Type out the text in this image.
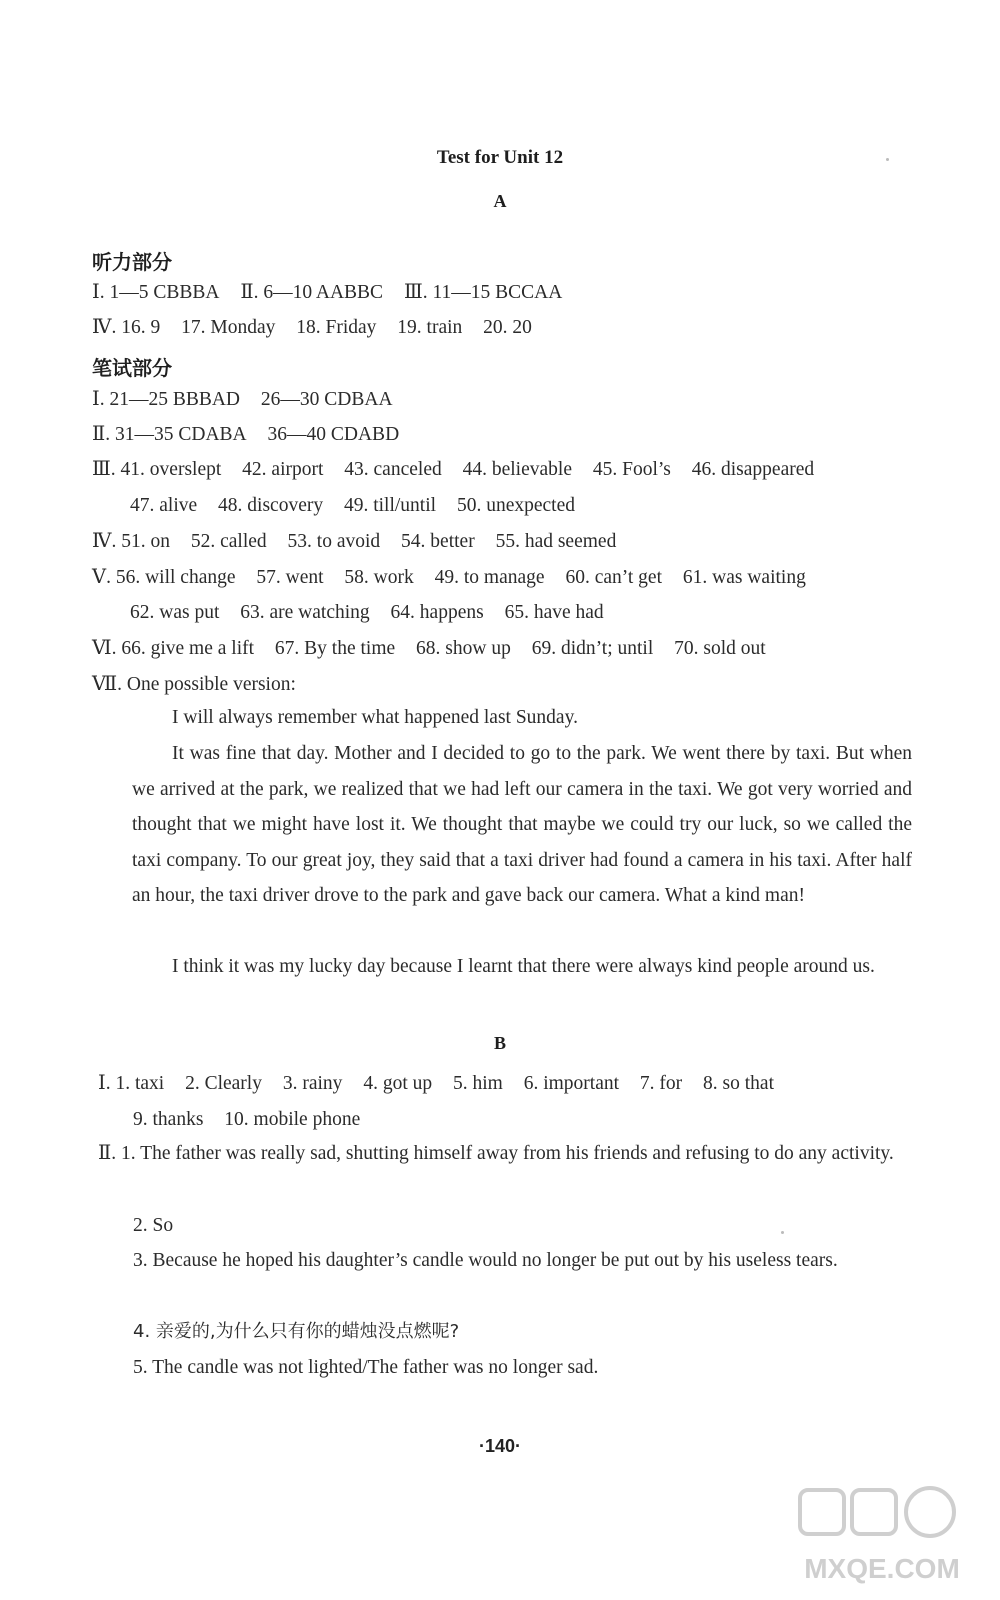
Test for Unit 12
A
听力部分
Ⅰ. 1—5 CBBBA Ⅱ. 6—10 AABBC Ⅲ. 11—15 BCCAA
Ⅳ. 16. 9 17. Monday 18. Friday 19. train 20. 20
笔试部分
Ⅰ. 21—25 BBBAD 26—30 CDBAA
Ⅱ. 31—35 CDABA 36—40 CDABD
Ⅲ. 41. overslept 42. airport 43. canceled 44. believable 45. Fool’s 46. disappeared
47. alive 48. discovery 49. till/until 50. unexpected
Ⅳ. 51. on 52. called 53. to avoid 54. better 55. had seemed
Ⅴ. 56. will change 57. went 58. work 49. to manage 60. can’t get 61. was waiting
62. was put 63. are watching 64. happens 65. have had
Ⅵ. 66. give me a lift 67. By the time 68. show up 69. didn’t; until 70. sold out
Ⅶ. One possible version:
I will always remember what happened last Sunday.
It was fine that day. Mother and I decided to go to the park. We went there by taxi. But when we arrived at the park, we realized that we had left our camera in the taxi. We got very worried and thought that we might have lost it. We thought that maybe we could try our luck, so we called the taxi company. To our great joy, they said that a taxi driver had found a camera in his taxi. After half an hour, the taxi driver drove to the park and gave back our camera. What a kind man!
I think it was my lucky day because I learnt that there were always kind people around us.
B
Ⅰ. 1. taxi 2. Clearly 3. rainy 4. got up 5. him 6. important 7. for 8. so that
9. thanks 10. mobile phone
Ⅱ. 1. The father was really sad, shutting himself away from his friends and refusing to do any activity.
2. So
3. Because he hoped his daughter’s candle would no longer be put out by his useless tears.
4. 亲爱的,为什么只有你的蜡烛没点燃呢?
5. The candle was not lighted/The father was no longer sad.
·140·
MXQE.COM
